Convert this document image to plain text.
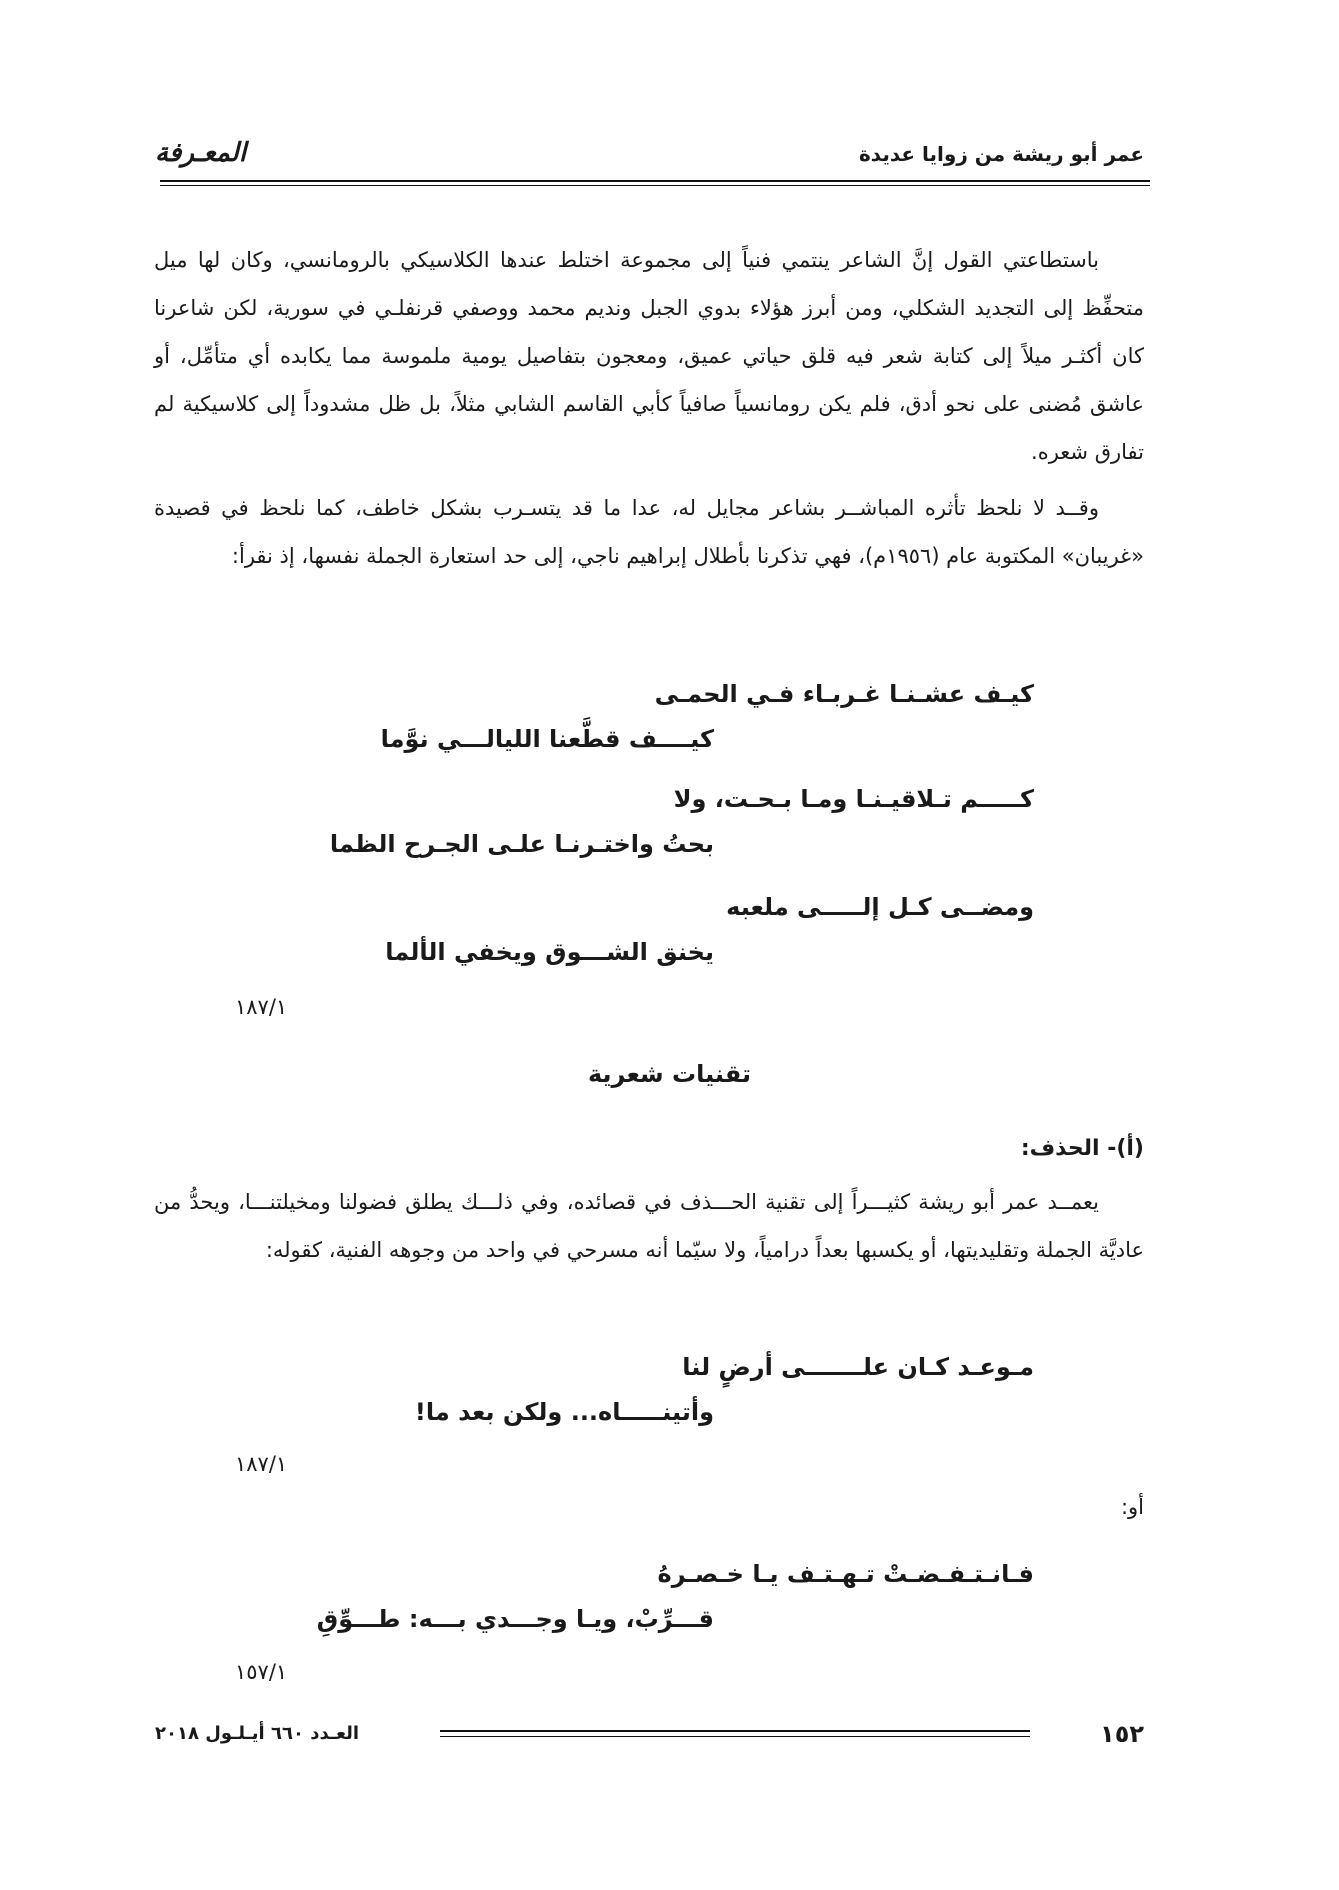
المعـرفة	عمر أبو ريشة من زوايا عديدة

باستطاعتي القول إنَّ الشاعر ينتمي فنياً إلى مجموعة اختلط عندها الكلاسيكي بالرومانسي، وكان لها ميل متحفِّظ إلى التجديد الشكلي، ومن أبرز هؤلاء بدوي الجبل ونديم محمد ووصفي قرنفلـي في سورية، لكن شاعرنا كان أكثـر ميلاً إلى كتابة شعر فيه قلق حياتي عميق، ومعجون بتفاصيل يومية ملموسة مما يكابده أي متأمِّل، أو عاشق مُضنى على نحو أدق، فلم يكن رومانسياً صافياً كأبي القاسم الشابي مثلاً، بل ظل مشدوداً إلى كلاسيكية لم تفارق شعره.

وقــد لا نلحظ تأثره المباشــر بشاعر مجايل له، عدا ما قد يتسـرب بشكل خاطف، كما نلحظ في قصيدة «غريبان» المكتوبة عام (١٩٥٦م)، فهي تذكرنا بأطلال إبراهيم ناجي، إلى حد استعارة الجملة نفسها، إذ نقرأ:

كيـف عشـنـا غـربـاء فـي الحمـى
كيــــف قطَّعنا الليالـــي نوَّما
كـــــم تـلاقيـنـا ومـا بـحـت، ولا
بحتُ واختـرنـا علـى الجـرح الظما
ومضــى كـل إلـــــى ملعبه
يخنق الشـــوق ويخفي الألما
١٨٧/١
تقنيات شعرية
(أ)- الحذف:

يعمــد عمر أبو ريشة كثيـــراً إلى تقنية الحـــذف في قصائده، وفي ذلـــك يطلق فضولنا ومخيلتنـــا، ويحدُّ من عاديَّة الجملة وتقليديتها، أو يكسبها بعداً درامياً، ولا سيّما أنه مسرحي في واحد من وجوهه الفنية، كقوله:

مـوعـد كـان علـــــــى أرضٍ لنا
وأتينـــــاه... ولكن بعد ما!
١٨٧/١
أو:
فـانـتـفـضـتْ تـهـتـف يـا خـصـرهُ
قـــرِّبْ، ويـا وجـــدي بـــه: طـــوِّقِ
١٥٧/١
١٥٢
العـدد ٦٦٠ أيـلـول ٢٠١٨
